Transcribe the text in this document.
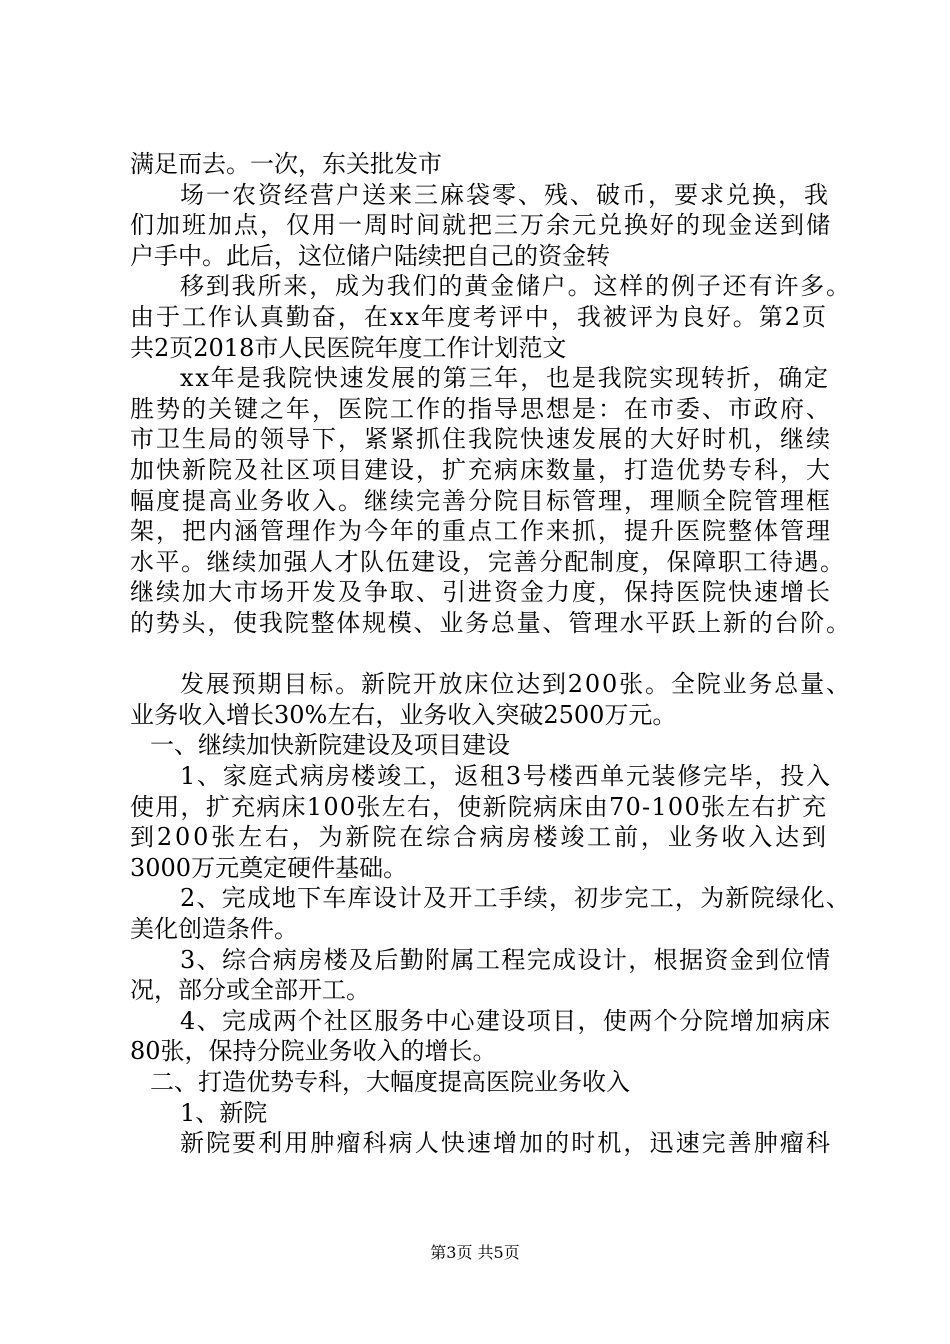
满足而去。一次，东关批发市
场一农资经营户送来三麻袋零、残、破币，要求兑换，我
们加班加点，仅用一周时间就把三万余元兑换好的现金送到储
户手中。此后，这位储户陆续把自己的资金转
移到我所来，成为我们的黄金储户。这样的例子还有许多。
由于工作认真勤奋，在xx年度考评中，我被评为良好。第2页
共2页2018市人民医院年度工作计划范文
xx年是我院快速发展的第三年，也是我院实现转折，确定
胜势的关键之年，医院工作的指导思想是：在市委、市政府、
市卫生局的领导下，紧紧抓住我院快速发展的大好时机，继续
加快新院及社区项目建设，扩充病床数量，打造优势专科，大
幅度提高业务收入。继续完善分院目标管理，理顺全院管理框
架，把内涵管理作为今年的重点工作来抓，提升医院整体管理
水平。继续加强人才队伍建设，完善分配制度，保障职工待遇。
继续加大市场开发及争取、引进资金力度，保持医院快速增长
的势头，使我院整体规模、业务总量、管理水平跃上新的台阶。
发展预期目标。新院开放床位达到200张。全院业务总量、
业务收入增长30%左右，业务收入突破2500万元。
一、继续加快新院建设及项目建设
1、家庭式病房楼竣工，返租3号楼西单元装修完毕，投入
使用，扩充病床100张左右，使新院病床由70-100张左右扩充
到200张左右，为新院在综合病房楼竣工前，业务收入达到
3000万元奠定硬件基础。
2、完成地下车库设计及开工手续，初步完工，为新院绿化、
美化创造条件。
3、综合病房楼及后勤附属工程完成设计，根据资金到位情
况，部分或全部开工。
4、完成两个社区服务中心建设项目，使两个分院增加病床
80张，保持分院业务收入的增长。
二、打造优势专科，大幅度提高医院业务收入
1、新院
新院要利用肿瘤科病人快速增加的时机，迅速完善肿瘤科
第3页 共5页
